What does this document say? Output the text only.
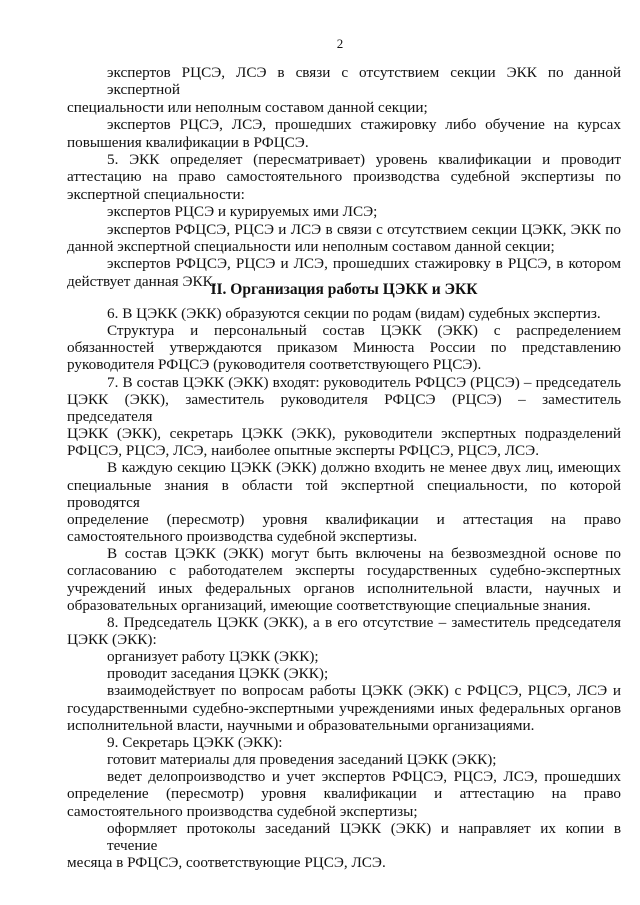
2
экспертов РЦСЭ, ЛСЭ в связи с отсутствием секции ЭКК по данной экспертной
специальности или неполным составом данной секции;
экспертов РЦСЭ, ЛСЭ, прошедших стажировку либо обучение на курсах
повышения квалификации в РФЦСЭ.
5. ЭКК определяет (пересматривает) уровень квалификации и проводит
аттестацию на право самостоятельного производства судебной экспертизы по
экспертной специальности:
экспертов РЦСЭ и курируемых ими ЛСЭ;
экспертов РФЦСЭ, РЦСЭ и ЛСЭ в связи с отсутствием секции ЦЭКК, ЭКК по
данной экспертной специальности или неполным составом данной секции;
экспертов РФЦСЭ, РЦСЭ и ЛСЭ, прошедших стажировку в РЦСЭ, в котором
действует данная ЭКК.
II. Организация работы ЦЭКК и ЭКК
6. В ЦЭКК (ЭКК) образуются секции по родам (видам) судебных экспертиз.
Структура и персональный состав ЦЭКК (ЭКК) с распределением
обязанностей утверждаются приказом Минюста России по представлению
руководителя РФЦСЭ (руководителя соответствующего РЦСЭ).
7. В состав ЦЭКК (ЭКК) входят: руководитель РФЦСЭ (РЦСЭ) – председатель
ЦЭКК (ЭКК), заместитель руководителя РФЦСЭ (РЦСЭ) – заместитель председателя
ЦЭКК (ЭКК), секретарь ЦЭКК (ЭКК), руководители экспертных подразделений
РФЦСЭ, РЦСЭ, ЛСЭ, наиболее опытные эксперты РФЦСЭ, РЦСЭ, ЛСЭ.
В каждую секцию ЦЭКК (ЭКК) должно входить не менее двух лиц, имеющих
специальные знания в области той экспертной специальности, по которой проводятся
определение (пересмотр) уровня квалификации и аттестация на право
самостоятельного производства судебной экспертизы.
В состав ЦЭКК (ЭКК) могут быть включены на безвозмездной основе по
согласованию с работодателем эксперты государственных судебно-экспертных
учреждений иных федеральных органов исполнительной власти, научных и
образовательных организаций, имеющие соответствующие специальные знания.
8. Председатель ЦЭКК (ЭКК), а в его отсутствие – заместитель председателя
ЦЭКК (ЭКК):
организует работу ЦЭКК (ЭКК);
проводит заседания ЦЭКК (ЭКК);
взаимодействует по вопросам работы ЦЭКК (ЭКК) с РФЦСЭ, РЦСЭ, ЛСЭ и
государственными судебно-экспертными учреждениями иных федеральных органов
исполнительной власти, научными и образовательными организациями.
9. Секретарь ЦЭКК (ЭКК):
готовит материалы для проведения заседаний ЦЭКК (ЭКК);
ведет делопроизводство и учет экспертов РФЦСЭ, РЦСЭ, ЛСЭ, прошедших
определение (пересмотр) уровня квалификации и аттестацию на право
самостоятельного производства судебной экспертизы;
оформляет протоколы заседаний ЦЭКК (ЭКК) и направляет их копии в течение
месяца в РФЦСЭ, соответствующие РЦСЭ, ЛСЭ.
